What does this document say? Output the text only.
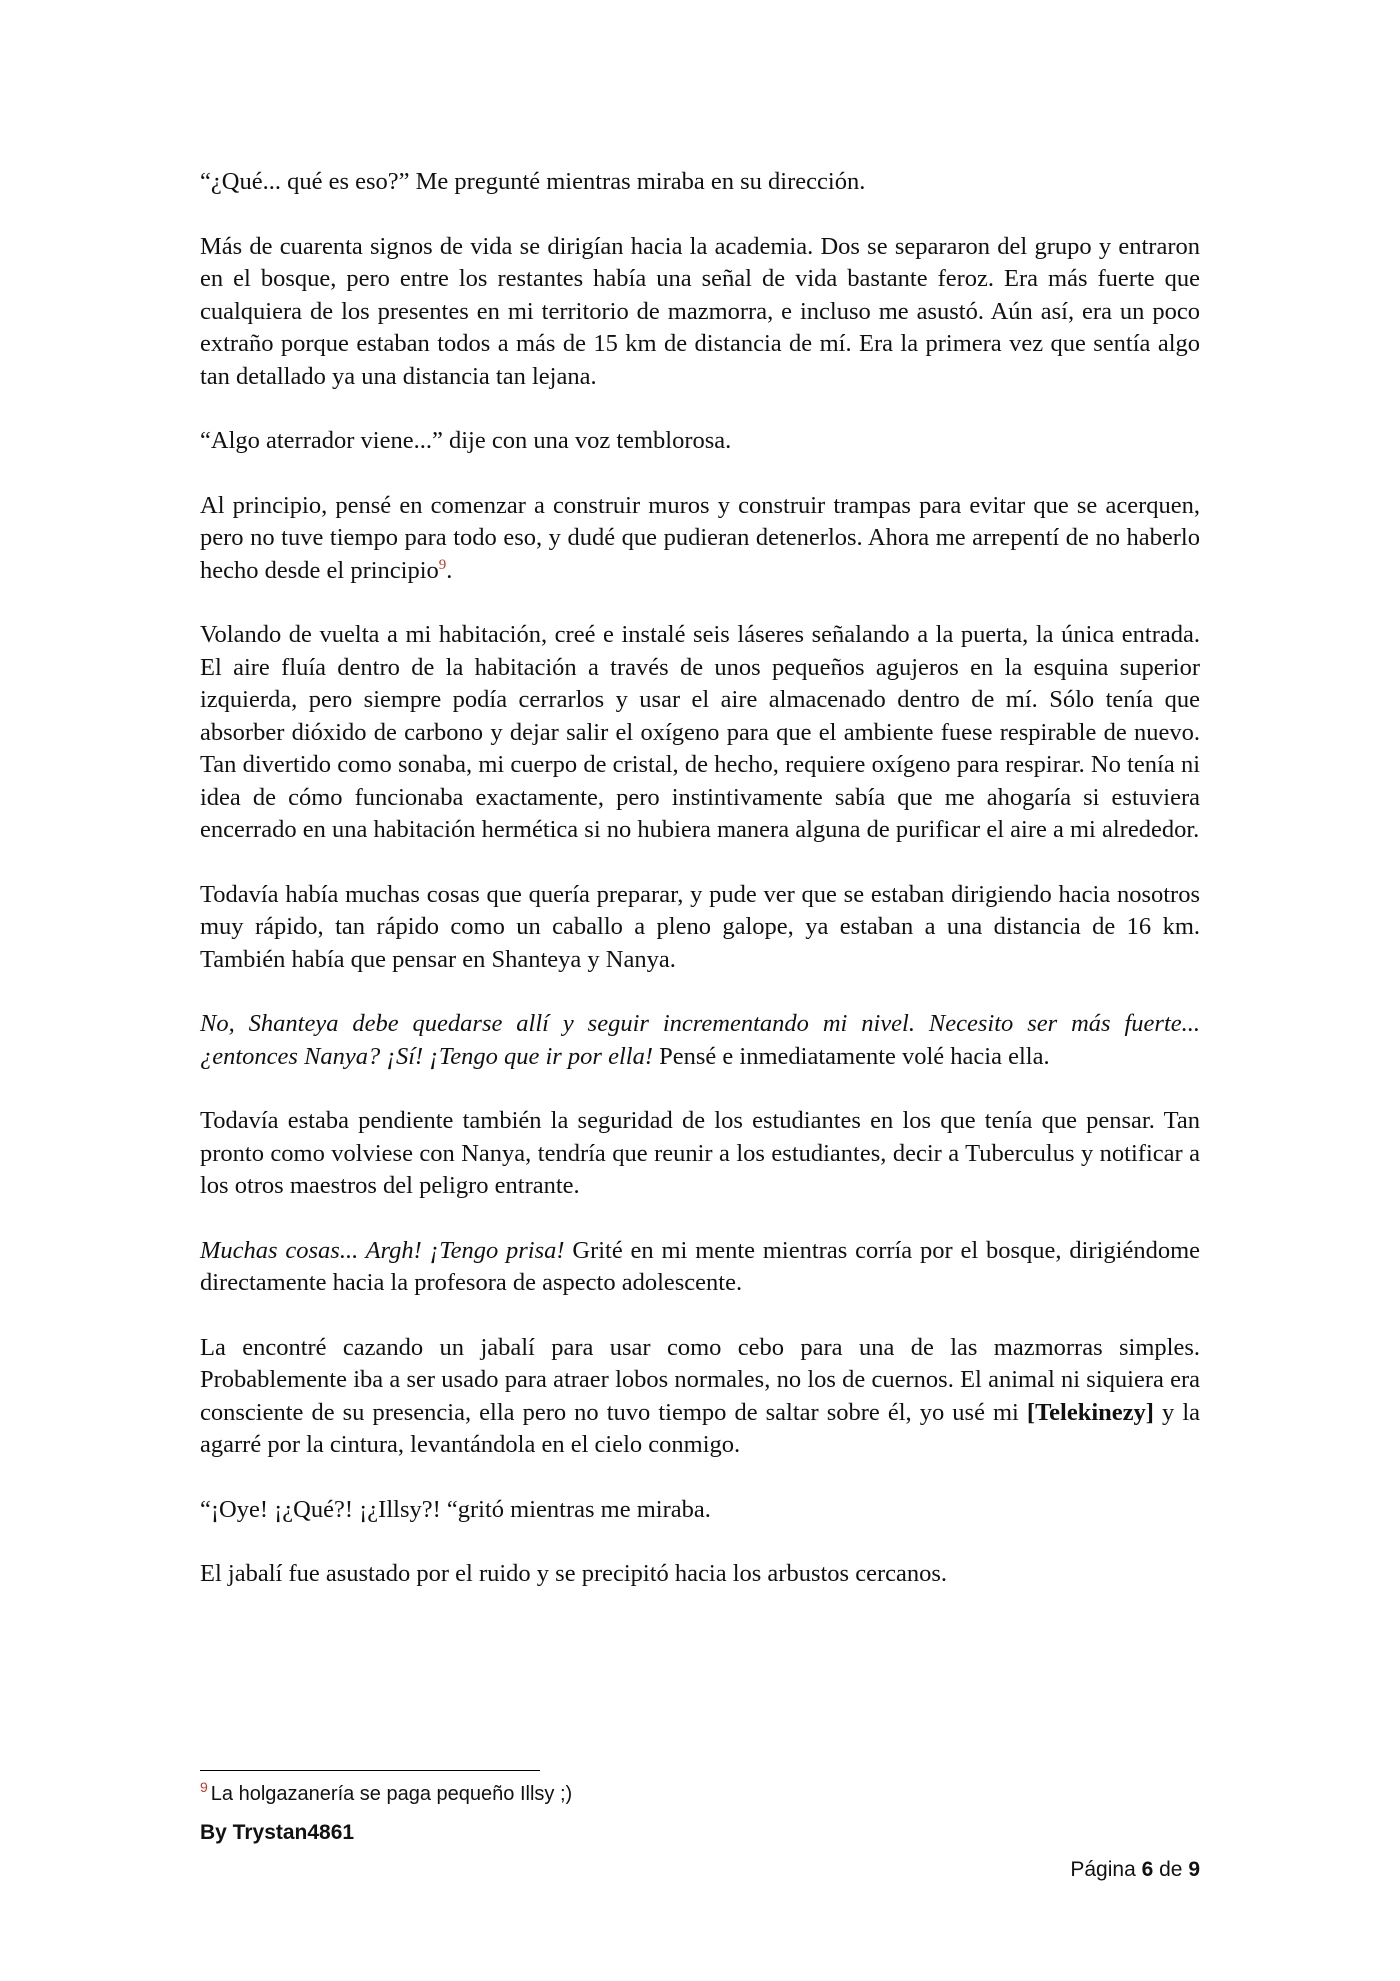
“¿Qué... qué es eso?” Me pregunté mientras miraba en su dirección.

Más de cuarenta signos de vida se dirigían hacia la academia. Dos se separaron del grupo y entraron en el bosque, pero entre los restantes había una señal de vida bastante feroz. Era más fuerte que cualquiera de los presentes en mi territorio de mazmorra, e incluso me asustó. Aún así, era un poco extraño porque estaban todos a más de 15 km de distancia de mí. Era la primera vez que sentía algo tan detallado ya una distancia tan lejana.

“Algo aterrador viene...” dije con una voz temblorosa.

Al principio, pensé en comenzar a construir muros y construir trampas para evitar que se acerquen, pero no tuve tiempo para todo eso, y dudé que pudieran detenerlos. Ahora me arrepentí de no haberlo hecho desde el principio$^9$.

Volando de vuelta a mi habitación, creé e instalé seis láseres señalando a la puerta, la única entrada. El aire fluía dentro de la habitación a través de unos pequeños agujeros en la esquina superior izquierda, pero siempre podía cerrarlos y usar el aire almacenado dentro de mí. Sólo tenía que absorber dióxido de carbono y dejar salir el oxígeno para que el ambiente fuese respirable de nuevo. Tan divertido como sonaba, mi cuerpo de cristal, de hecho, requiere oxígeno para respirar. No tenía ni idea de cómo funcionaba exactamente, pero instintivamente sabía que me ahogaría si estuviera encerrado en una habitación hermética si no hubiera manera alguna de purificar el aire a mi alrededor.

Todavía había muchas cosas que quería preparar, y pude ver que se estaban dirigiendo hacia nosotros muy rápido, tan rápido como un caballo a pleno galope, ya estaban a una distancia de 16 km. También había que pensar en Shanteya y Nanya.

No, Shanteya debe quedarse allí y seguir incrementando mi nivel. Necesito ser más fuerte... ¿entonces Nanya? ¡Sí! ¡Tengo que ir por ella! Pensé e inmediatamente volé hacia ella.

Todavía estaba pendiente también la seguridad de los estudiantes en los que tenía que pensar. Tan pronto como volviese con Nanya, tendría que reunir a los estudiantes, decir a Tuberculus y notificar a los otros maestros del peligro entrante.

Muchas cosas... Argh! ¡Tengo prisa! Grité en mi mente mientras corría por el bosque, dirigiéndome directamente hacia la profesora de aspecto adolescente.

La encontré cazando un jabalí para usar como cebo para una de las mazmorras simples. Probablemente iba a ser usado para atraer lobos normales, no los de cuernos. El animal ni siquiera era consciente de su presencia, ella pero no tuvo tiempo de saltar sobre él, yo usé mi [Telekinezy] y la agarré por la cintura, levantándola en el cielo conmigo.

“¡Oye! ¡¿Qué?! ¡¿Illsy?! “gritó mientras me miraba.

El jabalí fue asustado por el ruido y se precipitó hacia los arbustos cercanos.

$^9$ La holgazanería se paga pequeño Illsy ;)
By Trystan4861
Página 6 de 9
